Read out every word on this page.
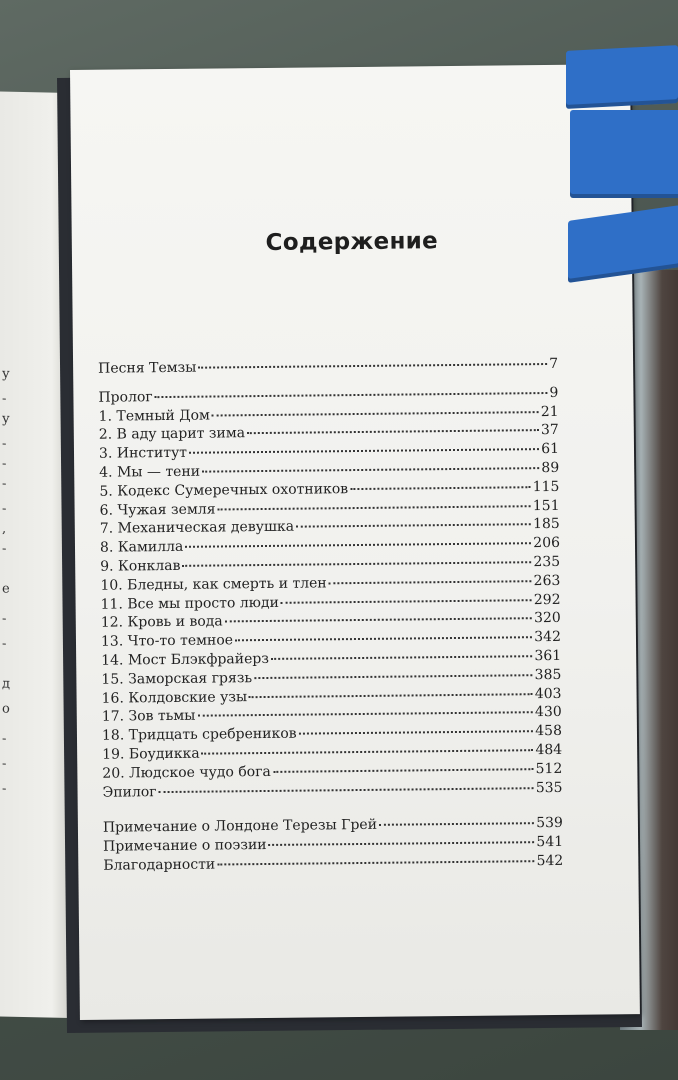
у
-
у
-
-
-
-
,
-
е
-
-
д
о
-
-
-
Содержение
Песня Темзы	7
Пролог	9
1. Темный Дом	21
2. В аду царит зима	37
3. Институт	61
4. Мы — тени	89
5. Кодекс Сумеречных охотников	115
6. Чужая земля	151
7. Механическая девушка	185
8. Камилла	206
9. Конклав	235
10. Бледны, как смерть и тлен	263
11. Все мы просто люди	292
12. Кровь и вода	320
13. Что-то темное	342
14. Мост Блэкфрайерз	361
15. Заморская грязь	385
16. Колдовские узы	403
17. Зов тьмы	430
18. Тридцать сребреников	458
19. Боудикка	484
20. Людское чудо бога	512
Эпилог	535
Примечание о Лондоне Терезы Грей	539
Примечание о поэзии	541
Благодарности	542
